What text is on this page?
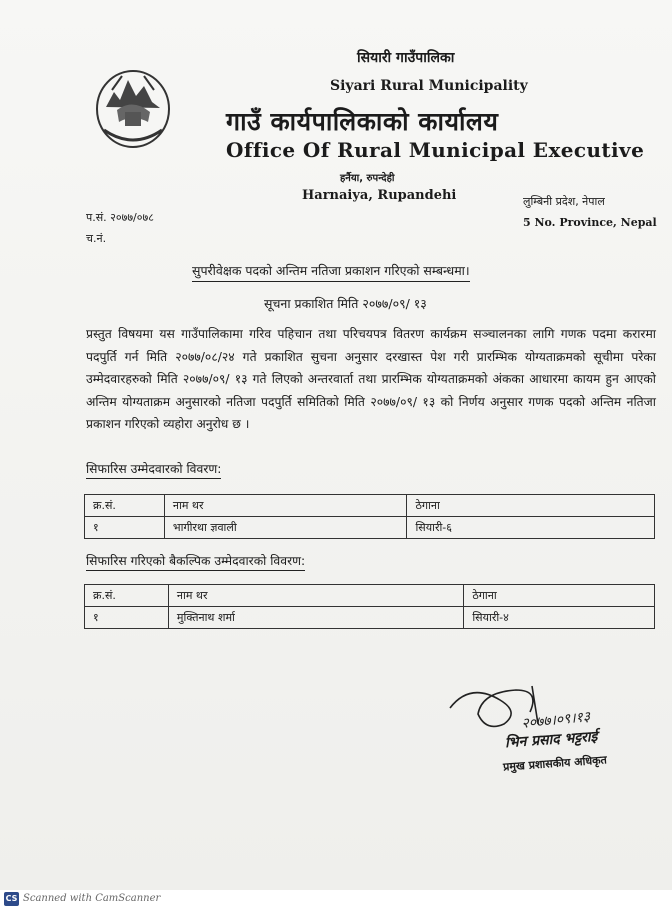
सियारी गाउँपालिका
Siyari Rural Municipality
गाउँ कार्यपालिकाको कार्यालय
Office Of Rural Municipal Executive
हर्नैया, रुपन्देही
Harnaiya, Rupandehi	लुम्बिनी प्रदेश, नेपाल
5 No. Province, Nepal
प.सं. २०७७/०७८
च.नं.
सुपरीवेक्षक पदको अन्तिम नतिजा प्रकाशन गरिएको सम्बन्धमा।
सूचना प्रकाशित मिति २०७७/०९/ १३
प्रस्तुत विषयमा यस गाउँपालिकामा गरिव पहिचान तथा परिचयपत्र वितरण कार्यक्रम सञ्चालनका लागि गणक पदमा करारमा पदपुर्ति गर्न मिति २०७७/०८/२४ गते प्रकाशित सुचना अनुसार दरखास्त पेश गरी प्रारम्भिक योग्यताक्रमको सूचीमा परेका उम्मेदवारहरुको मिति २०७७/०९/ १३ गते लिएको अन्तरवार्ता तथा प्रारम्भिक योग्यताक्रमको अंकका आधारमा कायम हुन आएको अन्तिम योग्यताक्रम अनुसारको नतिजा पदपुर्ति समितिको मिति २०७७/०९/ १३ को निर्णय अनुसार गणक पदको अन्तिम नतिजा प्रकाशन गरिएको व्यहोरा अनुरोध छ ।
सिफारिस उम्मेदवारको विवरण:
क्र.सं.	नाम थर	ठेगाना
१	भागीरथा ज्ञवाली	सियारी-६
सिफारिस गरिएको बैकल्पिक उम्मेदवारको विवरण:
क्र.सं.	नाम थर	ठेगाना
१	मुक्तिनाथ शर्मा	सियारी-४
२०७७।०९।१३
भिन प्रसाद भट्टराई
प्रमुख प्रशासकीय अधिकृत
CS Scanned with CamScanner
